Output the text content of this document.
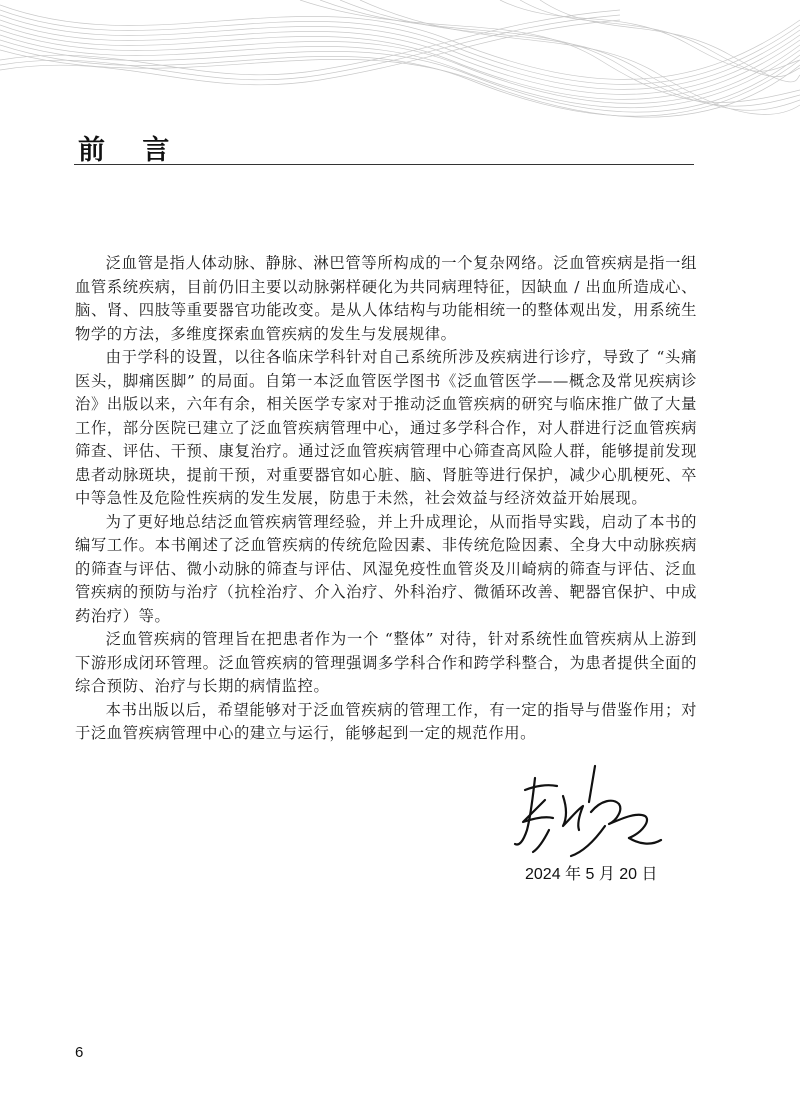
前 言

泛血管是指人体动脉、静脉、淋巴管等所构成的一个复杂网络。泛血管疾病是指一组血管系统疾病，目前仍旧主要以动脉粥样硬化为共同病理特征，因缺血 / 出血所造成心、脑、肾、四肢等重要器官功能改变。是从人体结构与功能相统一的整体观出发，用系统生物学的方法，多维度探索血管疾病的发生与发展规律。

由于学科的设置，以往各临床学科针对自己系统所涉及疾病进行诊疗，导致了 “头痛医头，脚痛医脚” 的局面。自第一本泛血管医学图书《泛血管医学——概念及常见疾病诊治》出版以来，六年有余，相关医学专家对于推动泛血管疾病的研究与临床推广做了大量工作，部分医院已建立了泛血管疾病管理中心，通过多学科合作，对人群进行泛血管疾病筛查、评估、干预、康复治疗。通过泛血管疾病管理中心筛查高风险人群，能够提前发现患者动脉斑块，提前干预，对重要器官如心脏、脑、肾脏等进行保护，减少心肌梗死、卒中等急性及危险性疾病的发生发展，防患于未然，社会效益与经济效益开始展现。

为了更好地总结泛血管疾病管理经验，并上升成理论，从而指导实践，启动了本书的编写工作。本书阐述了泛血管疾病的传统危险因素、非传统危险因素、全身大中动脉疾病的筛查与评估、微小动脉的筛查与评估、风湿免疫性血管炎及川崎病的筛查与评估、泛血管疾病的预防与治疗（抗栓治疗、介入治疗、外科治疗、微循环改善、靶器官保护、中成药治疗）等。

泛血管疾病的管理旨在把患者作为一个 “整体” 对待，针对系统性血管疾病从上游到下游形成闭环管理。泛血管疾病的管理强调多学科合作和跨学科整合，为患者提供全面的综合预防、治疗与长期的病情监控。

本书出版以后，希望能够对于泛血管疾病的管理工作，有一定的指导与借鉴作用；对于泛血管疾病管理中心的建立与运行，能够起到一定的规范作用。

2024 年 5 月 20 日
6
